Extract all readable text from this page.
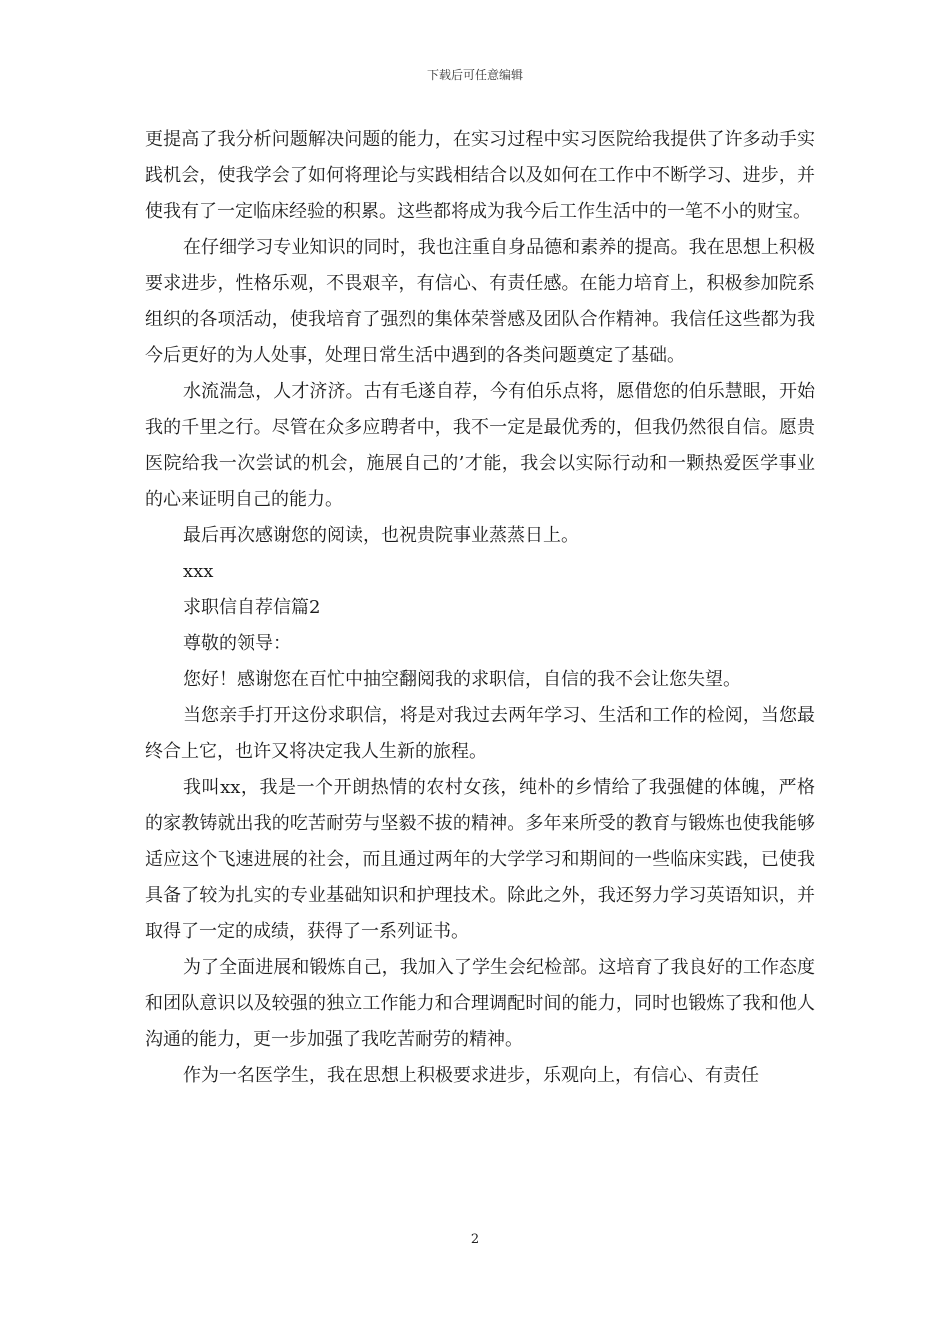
下载后可任意编辑

更提高了我分析问题解决问题的能力，在实习过程中实习医院给我提供了许多动手实践机会，使我学会了如何将理论与实践相结合以及如何在工作中不断学习、进步，并使我有了一定临床经验的积累。这些都将成为我今后工作生活中的一笔不小的财宝。

在仔细学习专业知识的同时，我也注重自身品德和素养的提高。我在思想上积极要求进步，性格乐观，不畏艰辛，有信心、有责任感。在能力培育上，积极参加院系组织的各项活动，使我培育了强烈的集体荣誉感及团队合作精神。我信任这些都为我今后更好的为人处事，处理日常生活中遇到的各类问题奠定了基础。

水流湍急，人才济济。古有毛遂自荐，今有伯乐点将，愿借您的伯乐慧眼，开始我的千里之行。尽管在众多应聘者中，我不一定是最优秀的，但我仍然很自信。愿贵医院给我一次尝试的机会，施展自己的’才能，我会以实际行动和一颗热爱医学事业的心来证明自己的能力。

最后再次感谢您的阅读，也祝贵院事业蒸蒸日上。

xxx

求职信自荐信篇2

尊敬的领导：

您好！感谢您在百忙中抽空翻阅我的求职信，自信的我不会让您失望。

当您亲手打开这份求职信，将是对我过去两年学习、生活和工作的检阅，当您最终合上它，也许又将决定我人生新的旅程。

我叫xx，我是一个开朗热情的农村女孩，纯朴的乡情给了我强健的体魄，严格的家教铸就出我的吃苦耐劳与坚毅不拔的精神。多年来所受的教育与锻炼也使我能够适应这个飞速进展的社会，而且通过两年的大学学习和期间的一些临床实践，已使我具备了较为扎实的专业基础知识和护理技术。除此之外，我还努力学习英语知识，并取得了一定的成绩，获得了一系列证书。

为了全面进展和锻炼自己，我加入了学生会纪检部。这培育了我良好的工作态度和团队意识以及较强的独立工作能力和合理调配时间的能力，同时也锻炼了我和他人沟通的能力，更一步加强了我吃苦耐劳的精神。

作为一名医学生，我在思想上积极要求进步，乐观向上，有信心、有责任

2
